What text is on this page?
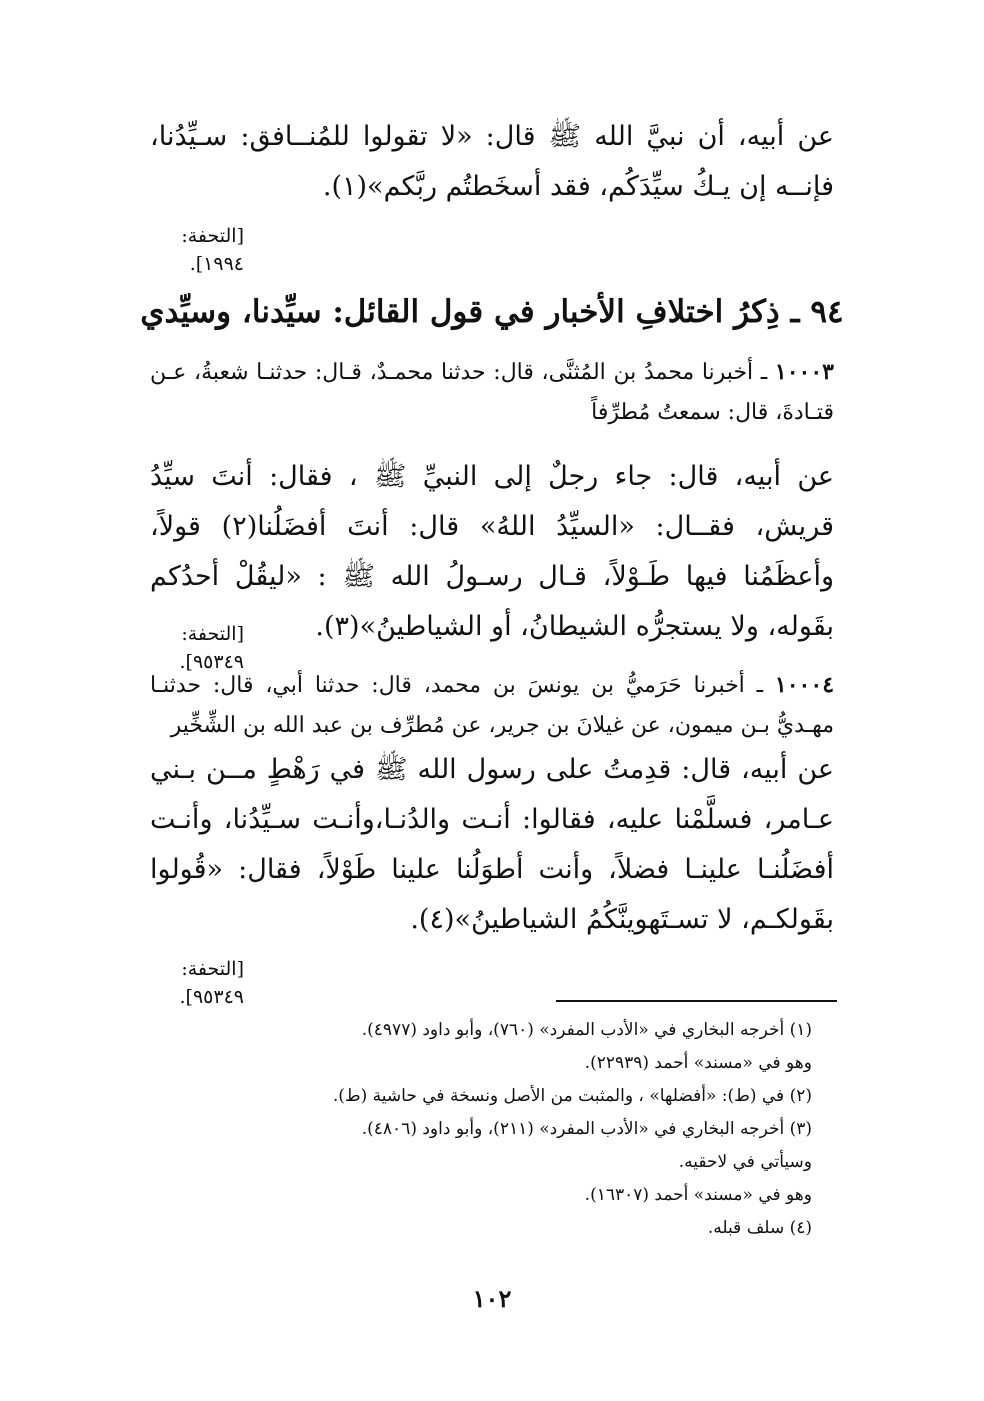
عن أبيه، أن نبيَّ الله ﷺ قال: «لا تقولوا للمُنــافق: سـيِّدُنا، فإنــه إن يـكُ سيِّدَكُم، فقد أسخَطتُم ربَّكم»(١).
[التحفة: ١٩٩٤].
٩٤ ـ ذِكرُ اختلافِ الأخبار في قول القائل: سيِّدنا، وسيِّدي
١٠٠٠٣ ـ أخبرنا محمدُ بن المُثنَّى، قال: حدثنا محمـدٌ، قـال: حدثنـا شعبةُ، عـن قتـادةَ، قال: سمعتُ مُطرِّفاً
عن أبيه، قال: جاء رجلٌ إلى النبيِّ ﷺ ، فقال: أنتَ سيِّدُ قريش، فقــال: «السيِّدُ اللهُ» قال: أنتَ أفضَلُنا(٢) قولاً، وأعظَمُنا فيها طَـوْلاً، قـال رسـولُ الله ﷺ : «ليقُلْ أحدُكم بقَوله، ولا يستجرُّه الشيطانُ، أو الشياطينُ»(٣).
[التحفة: ٩٥٣٤٩].
١٠٠٠٤ ـ أخبرنا حَرَميُّ بن يونسَ بن محمد، قال: حدثنا أبي، قال: حدثنـا مهـديُّ بـن ميمون، عن غيلانَ بن جرير، عن مُطرِّف بن عبد الله بن الشِّخِّير
عن أبيه، قال: قدِمتُ على رسول الله ﷺ في رَهْطٍ مــن بـني عـامر، فسلَّمْنا عليه، فقالوا: أنـت والدُنـا،وأنـت سـيِّدُنا، وأنـت أفضَلُنـا علينـا فضلاً، وأنت أطوَلُنا علينا طَوْلاً، فقال: «قُولوا بقَولكـم، لا تسـتَهوينَّكُمُ الشياطينُ»(٤).
[التحفة: ٩٥٣٤٩].
(١) أخرجه البخاري في «الأدب المفرد» (٧٦٠)، وأبو داود (٤٩٧٧).
وهو في «مسند» أحمد (٢٢٩٣٩).
(٢) في (ط): «أفضلها» ، والمثبت من الأصل ونسخة في حاشية (ط).
(٣) أخرجه البخاري في «الأدب المفرد» (٢١١)، وأبو داود (٤٨٠٦).
وسيأتي في لاحقيه.
وهو في «مسند» أحمد (١٦٣٠٧).
(٤) سلف قبله.
١٠٢
